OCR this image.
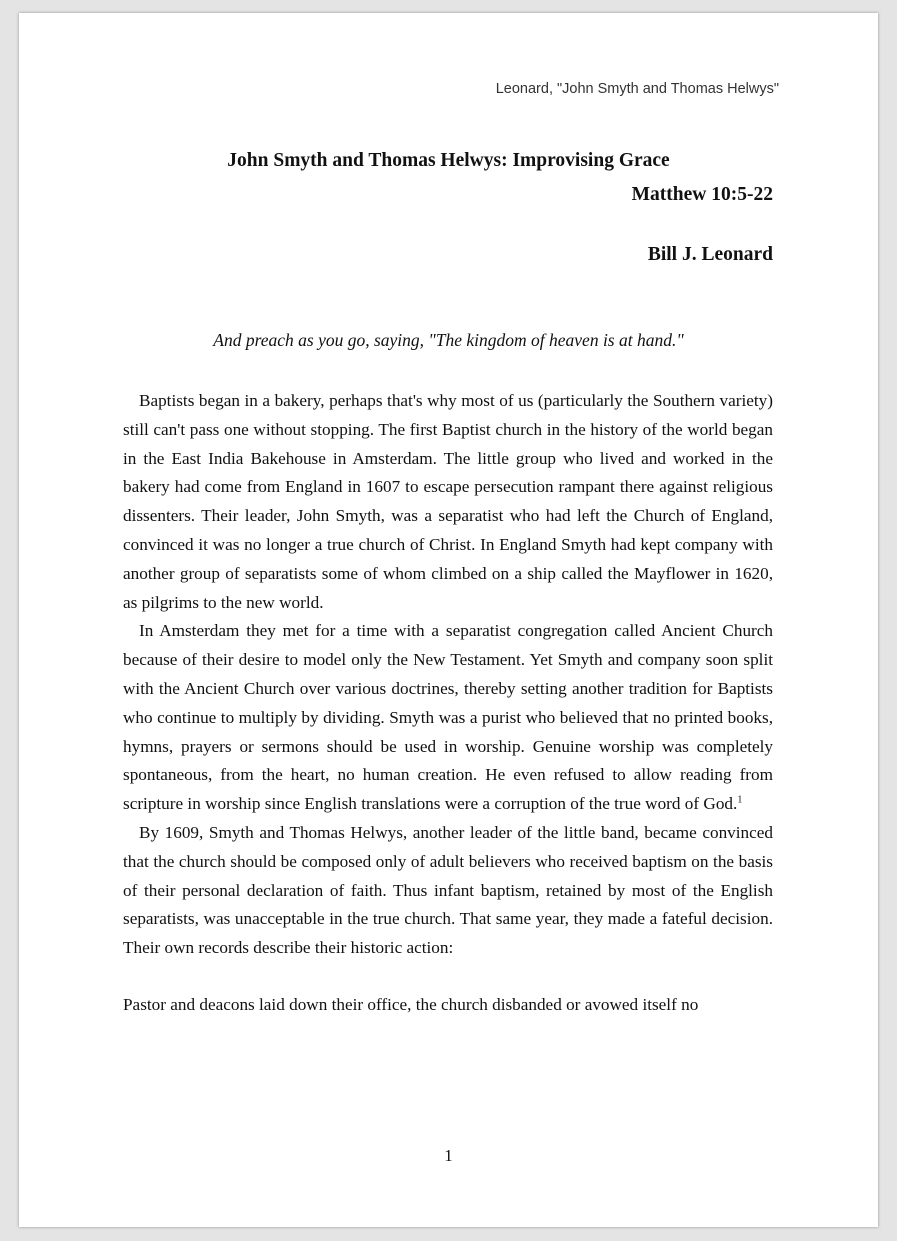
Leonard, "John Smyth and Thomas Helwys"
John Smyth and Thomas Helwys: Improvising Grace
Matthew 10:5-22
Bill J. Leonard
And preach as you go, saying, "The kingdom of heaven is at hand."

Baptists began in a bakery, perhaps that's why most of us (particularly the Southern variety) still can't pass one without stopping. The first Baptist church in the history of the world began in the East India Bakehouse in Amsterdam. The little group who lived and worked in the bakery had come from England in 1607 to escape persecution rampant there against religious dissenters. Their leader, John Smyth, was a separatist who had left the Church of England, convinced it was no longer a true church of Christ. In England Smyth had kept company with another group of separatists some of whom climbed on a ship called the Mayflower in 1620, as pilgrims to the new world.

In Amsterdam they met for a time with a separatist congregation called Ancient Church because of their desire to model only the New Testament. Yet Smyth and company soon split with the Ancient Church over various doctrines, thereby setting another tradition for Baptists who continue to multiply by dividing. Smyth was a purist who believed that no printed books, hymns, prayers or sermons should be used in worship. Genuine worship was completely spontaneous, from the heart, no human creation. He even refused to allow reading from scripture in worship since English translations were a corruption of the true word of God.$^1$

By 1609, Smyth and Thomas Helwys, another leader of the little band, became convinced that the church should be composed only of adult believers who received baptism on the basis of their personal declaration of faith. Thus infant baptism, retained by most of the English separatists, was unacceptable in the true church. That same year, they made a fateful decision. Their own records describe their historic action:

Pastor and deacons laid down their office, the church disbanded or avowed itself no

1
